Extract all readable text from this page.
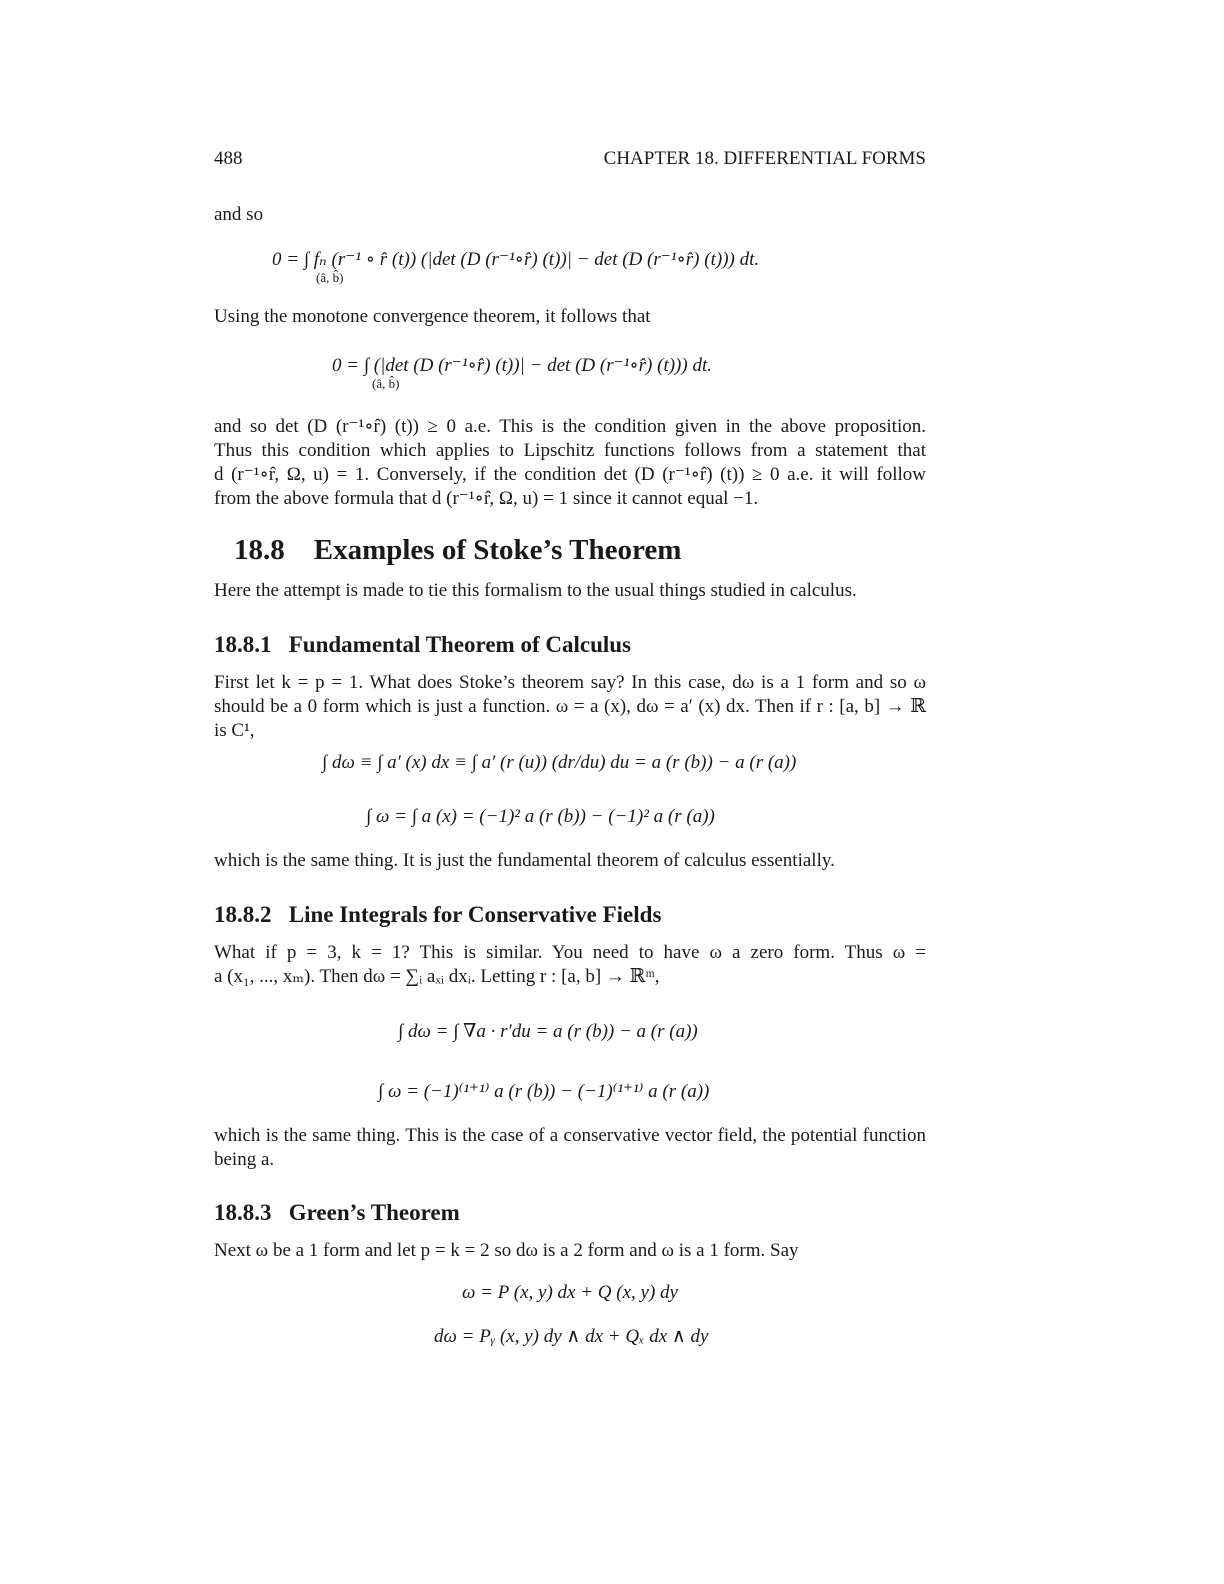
488	CHAPTER 18. DIFFERENTIAL FORMS
and so
0 = ∫ fₙ (r⁻¹ ∘ r̂ (t)) (|det (D (r⁻¹∘r̂) (t))| − det (D (r⁻¹∘r̂) (t))) dt.
(â, b̂)
Using the monotone convergence theorem, it follows that
0 = ∫ (|det (D (r⁻¹∘r̂) (t))| − det (D (r⁻¹∘r̂) (t))) dt.
(â, b̂)
and so det (D (r⁻¹∘r̂) (t)) ≥ 0 a.e. This is the condition given in the above proposition.
Thus this condition which applies to Lipschitz functions follows from a statement that
d (r⁻¹∘r̂, Ω, u) = 1. Conversely, if the condition det (D (r⁻¹∘r̂) (t)) ≥ 0 a.e. it will follow
from the above formula that d (r⁻¹∘r̂, Ω, u) = 1 since it cannot equal −1.
18.8 Examples of Stoke’s Theorem
Here the attempt is made to tie this formalism to the usual things studied in calculus.
18.8.1 Fundamental Theorem of Calculus
First let k = p = 1. What does Stoke’s theorem say? In this case, dω is a 1 form and so ω
should be a 0 form which is just a function. ω = a (x), dω = a′ (x) dx. Then if r : [a, b] → ℝ
is C¹,
∫ dω ≡ ∫ a′ (x) dx ≡ ∫ a′ (r (u)) (dr/du) du = a (r (b)) − a (r (a))
∫ ω = ∫ a (x) = (−1)² a (r (b)) − (−1)² a (r (a))
which is the same thing. It is just the fundamental theorem of calculus essentially.
18.8.2 Line Integrals for Conservative Fields
What if p = 3, k = 1? This is similar. You need to have ω a zero form. Thus ω =
a (x₁, ..., xₘ). Then dω = ∑ᵢ aₓᵢ dxᵢ. Letting r : [a, b] → ℝᵐ,
∫ dω = ∫ ∇a · r′du = a (r (b)) − a (r (a))
∫ ω = (−1)⁽¹⁺¹⁾ a (r (b)) − (−1)⁽¹⁺¹⁾ a (r (a))
which is the same thing. This is the case of a conservative vector field, the potential function
being a.
18.8.3 Green’s Theorem
Next ω be a 1 form and let p = k = 2 so dω is a 2 form and ω is a 1 form. Say
ω = P (x, y) dx + Q (x, y) dy
dω = Pᵧ (x, y) dy ∧ dx + Qₓ dx ∧ dy
